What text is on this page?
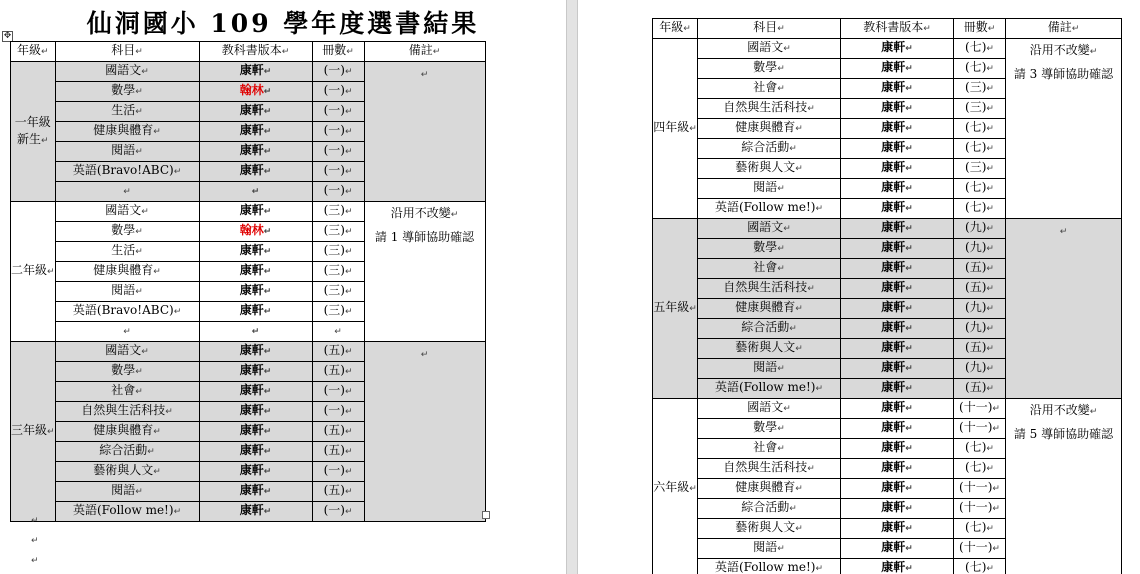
仙洞國小 109 學年度選書結果
✥
年級↵	科目↵	教科書版本↵	冊數↵	備註↵

一年級
新生↵	國語文↵	康軒↵	(一)↵	↵
	數學↵	翰林↵	(一)↵	
	生活↵	康軒↵	(一)↵	
	健康與體育↵	康軒↵	(一)↵	
	閱語↵	康軒↵	(一)↵	
	英語(Bravo!ABC)↵	康軒↵	(一)↵	
	↵	↵	(一)↵	

二年級↵	國語文↵	康軒↵	(三)↵	沿用不改變↵
請 1 導師協助確認

	數學↵	翰林↵	(三)↵	
	生活↵	康軒↵	(三)↵	
	健康與體育↵	康軒↵	(三)↵	
	閱語↵	康軒↵	(三)↵	
	英語(Bravo!ABC)↵	康軒↵	(三)↵	
	↵	↵	↵	

三年級↵	國語文↵	康軒↵	(五)↵	↵
	數學↵	康軒↵	(五)↵	
	社會↵	康軒↵	(一)↵	
	自然與生活科技↵	康軒↵	(一)↵	
	健康與體育↵	康軒↵	(五)↵	
	綜合活動↵	康軒↵	(五)↵	
	藝術與人文↵	康軒↵	(一)↵	
	閱語↵	康軒↵	(五)↵	
	英語(Follow me!)↵	康軒↵	(一)↵	
↵
↵
↵
年級↵	科目↵	教科書版本↵	冊數↵	備註↵

四年級↵	國語文↵	康軒↵	(七)↵	沿用不改變↵
請 3 導師協助確認

	數學↵	康軒↵	(七)↵	
	社會↵	康軒↵	(三)↵	
	自然與生活科技↵	康軒↵	(三)↵	
	健康與體育↵	康軒↵	(七)↵	
	綜合活動↵	康軒↵	(七)↵	
	藝術與人文↵	康軒↵	(三)↵	
	閱語↵	康軒↵	(七)↵	
	英語(Follow me!)↵	康軒↵	(七)↵	

五年級↵	國語文↵	康軒↵	(九)↵	↵
	數學↵	康軒↵	(九)↵	
	社會↵	康軒↵	(五)↵	
	自然與生活科技↵	康軒↵	(五)↵	
	健康與體育↵	康軒↵	(九)↵	
	綜合活動↵	康軒↵	(九)↵	
	藝術與人文↵	康軒↵	(五)↵	
	閱語↵	康軒↵	(九)↵	
	英語(Follow me!)↵	康軒↵	(五)↵	

六年級↵	國語文↵	康軒↵	(十一)↵	沿用不改變↵
請 5 導師協助確認

	數學↵	康軒↵	(十一)↵	
	社會↵	康軒↵	(七)↵	
	自然與生活科技↵	康軒↵	(七)↵	
	健康與體育↵	康軒↵	(十一)↵	
	綜合活動↵	康軒↵	(十一)↵	
	藝術與人文↵	康軒↵	(七)↵	
	閱語↵	康軒↵	(十一)↵	
	英語(Follow me!)↵	康軒↵	(七)↵	
